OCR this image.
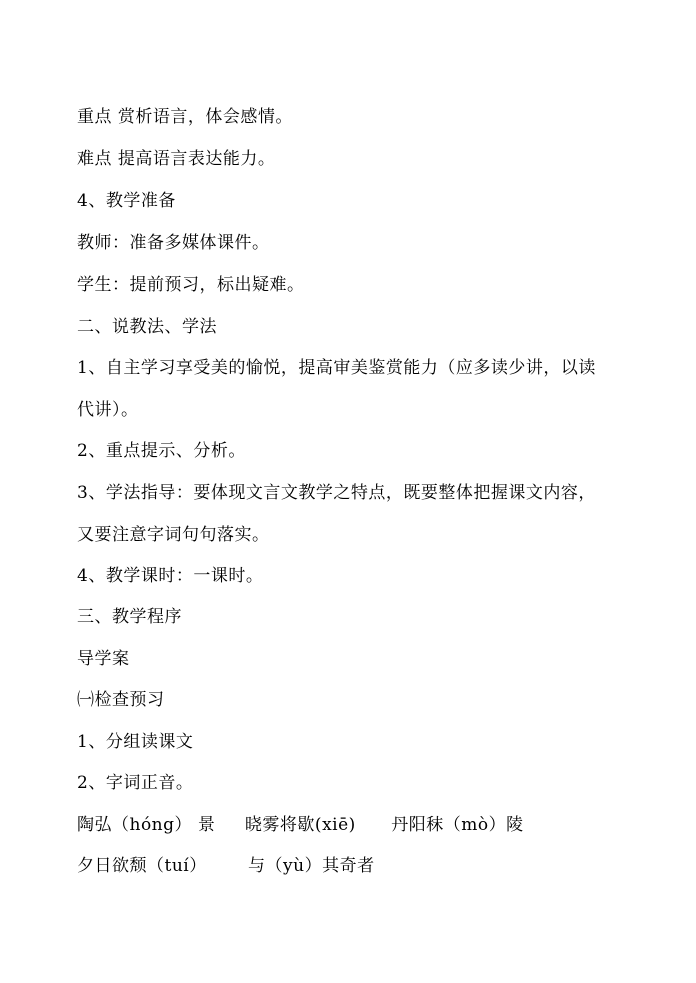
重点 赏析语言，体会感情。
难点 提高语言表达能力。
4、教学准备
教师：准备多媒体课件。
学生：提前预习，标出疑难。
二、说教法、学法
1、自主学习享受美的愉悦，提高审美鉴赏能力（应多读少讲，以读
代讲）。
2、重点提示、分析。
3、学法指导：要体现文言文教学之特点，既要整体把握课文内容，
又要注意字词句句落实。
4、教学课时：一课时。
三、教学程序
导学案
㈠检查预习
1、分组读课文
2、字词正音。
陶弘（hóng） 景     晓雾将歇(xiē)      丹阳秣（mò）陵
夕日欲颓（tuí）       与（yù）其奇者
